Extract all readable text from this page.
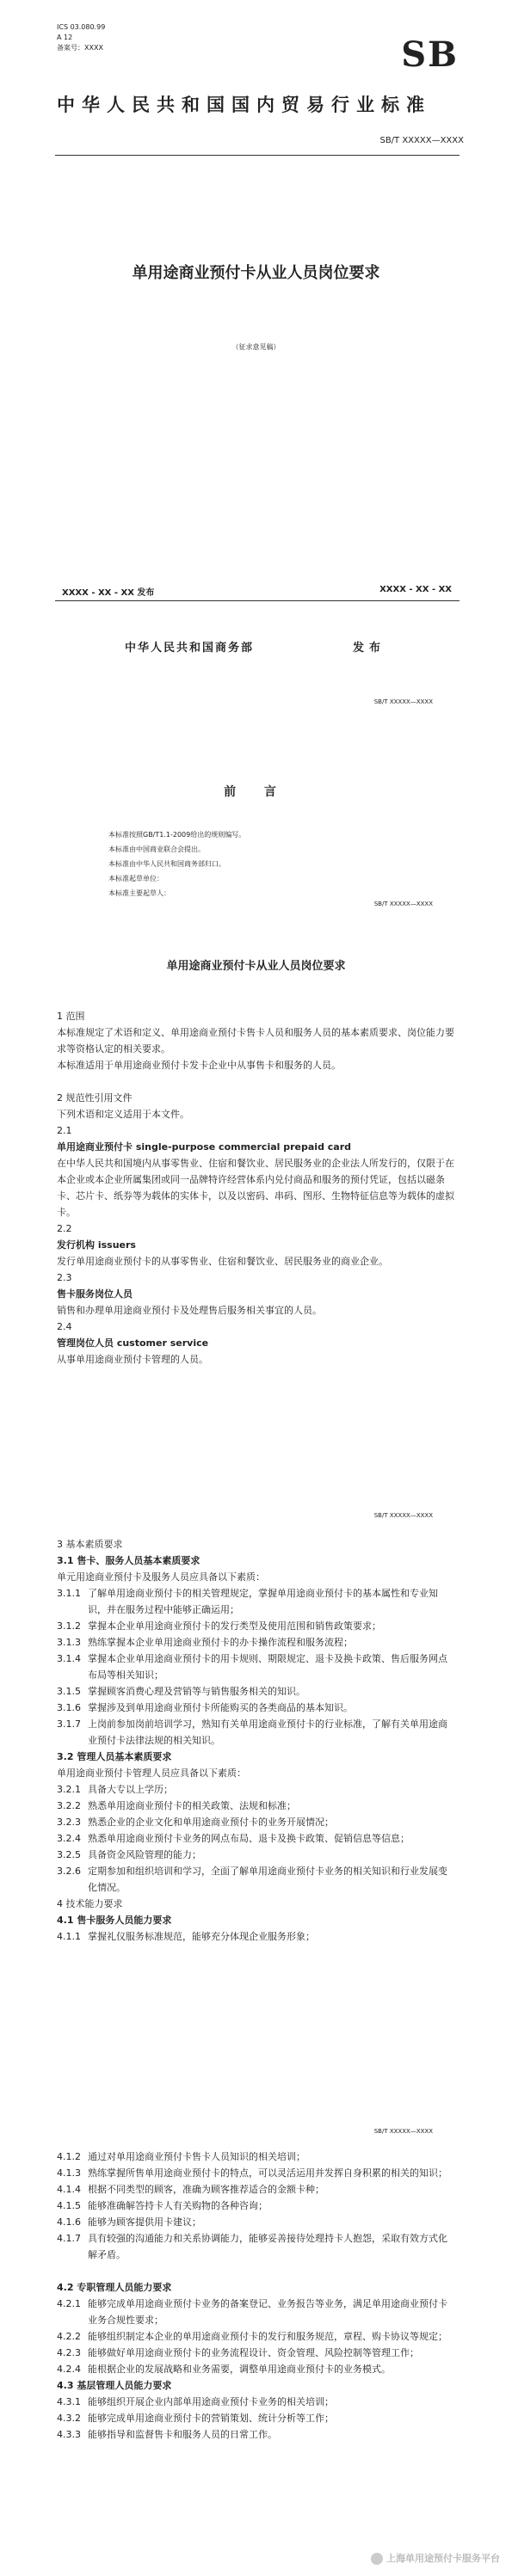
ICS 03.080.99
A 12
备案号：XXXX	SB
中华人民共和国国内贸易行业标准
SB/T XXXXX—XXXX
单用途商业预付卡从业人员岗位要求
（征求意见稿）
XXXX - XX - XX 发布	XXXX - XX - XX
中华人民共和国商务部	发布
SB/T XXXXX—XXXX
前 言
本标准按照GB/T1.1-2009给出的规则编写。
本标准由中国商业联合会提出。
本标准由中华人民共和国商务部归口。
本标准起草单位：
本标准主要起草人：
SB/T XXXXX—XXXX
单用途商业预付卡从业人员岗位要求
1 范围
本标准规定了术语和定义、单用途商业预付卡售卡人员和服务人员的基本素质要求、岗位能力要求等资格认定的相关要求。
本标准适用于单用途商业预付卡发卡企业中从事售卡和服务的人员。
2 规范性引用文件
下列术语和定义适用于本文件。
2.1
单用途商业预付卡 single-purpose commercial prepaid card
在中华人民共和国境内从事零售业、住宿和餐饮业、居民服务业的企业法人所发行的，仅限于在本企业或本企业所属集团或同一品牌特许经营体系内兑付商品和服务的预付凭证，包括以磁条卡、芯片卡、纸券等为载体的实体卡，以及以密码、串码、图形、生物特征信息等为载体的虚拟卡。
2.2
发行机构 issuers
发行单用途商业预付卡的从事零售业、住宿和餐饮业、居民服务业的商业企业。
2.3
售卡服务岗位人员
销售和办理单用途商业预付卡及处理售后服务相关事宜的人员。
2.4
管理岗位人员 customer service
从事单用途商业预付卡管理的人员。
SB/T XXXXX—XXXX
3 基本素质要求
3.1 售卡、服务人员基本素质要求
单元用途商业预付卡及服务人员应具备以下素质：
3.1.1 了解单用途商业预付卡的相关管理规定，掌握单用途商业预付卡的基本属性和专业知识，并在服务过程中能够正确运用；
3.1.2 掌握本企业单用途商业预付卡的发行类型及使用范围和销售政策要求；
3.1.3 熟练掌握本企业单用途商业预付卡的办卡操作流程和服务流程；
3.1.4 掌握本企业单用途商业预付卡的用卡规则、期限规定、退卡及换卡政策、售后服务网点布局等相关知识；
3.1.5 掌握顾客消费心理及营销等与销售服务相关的知识。
3.1.6 掌握涉及到单用途商业预付卡所能购买的各类商品的基本知识。
3.1.7 上岗前参加岗前培训学习，熟知有关单用途商业预付卡的行业标准，了解有关单用途商业预付卡法律法规的相关知识。
3.2 管理人员基本素质要求
单用途商业预付卡管理人员应具备以下素质：
3.2.1 具备大专以上学历；
3.2.2 熟悉单用途商业预付卡的相关政策、法规和标准；
3.2.3 熟悉企业的企业文化和单用途商业预付卡的业务开展情况；
3.2.4 熟悉单用途商业预付卡业务的网点布局、退卡及换卡政策、促销信息等信息；
3.2.5 具备资金风险管理的能力；
3.2.6 定期参加和组织培训和学习，全面了解单用途商业预付卡业务的相关知识和行业发展变化情况。
4 技术能力要求
4.1 售卡服务人员能力要求
4.1.1 掌握礼仪服务标准规范，能够充分体现企业服务形象；
SB/T XXXXX—XXXX
4.1.2 通过对单用途商业预付卡售卡人员知识的相关培训；
4.1.3 熟练掌握所售单用途商业预付卡的特点，可以灵活运用并发挥自身积累的相关的知识；
4.1.4 根据不同类型的顾客，准确为顾客推荐适合的金额卡种；
4.1.5 能够准确解答持卡人有关购物的各种咨询；
4.1.6 能够为顾客提供用卡建议；
4.1.7 具有较强的沟通能力和关系协调能力，能够妥善接待处理持卡人抱怨，采取有效方式化解矛盾。
4.2 专职管理人员能力要求
4.2.1 能够完成单用途商业预付卡业务的备案登记、业务报告等业务，满足单用途商业预付卡业务合规性要求；
4.2.2 能够组织制定本企业的单用途商业预付卡的发行和服务规范，章程、购卡协议等规定；
4.2.3 能够做好单用途商业预付卡的业务流程设计、资金管理、风险控制等管理工作；
4.2.4 能根据企业的发展战略和业务需要，调整单用途商业预付卡的业务模式。
4.3 基层管理人员能力要求
4.3.1 能够组织开展企业内部单用途商业预付卡业务的相关培训；
4.3.2 能够完成单用途商业预付卡的营销策划、统计分析等工作；
4.3.3 能够指导和监督售卡和服务人员的日常工作。
上海单用途预付卡服务平台
